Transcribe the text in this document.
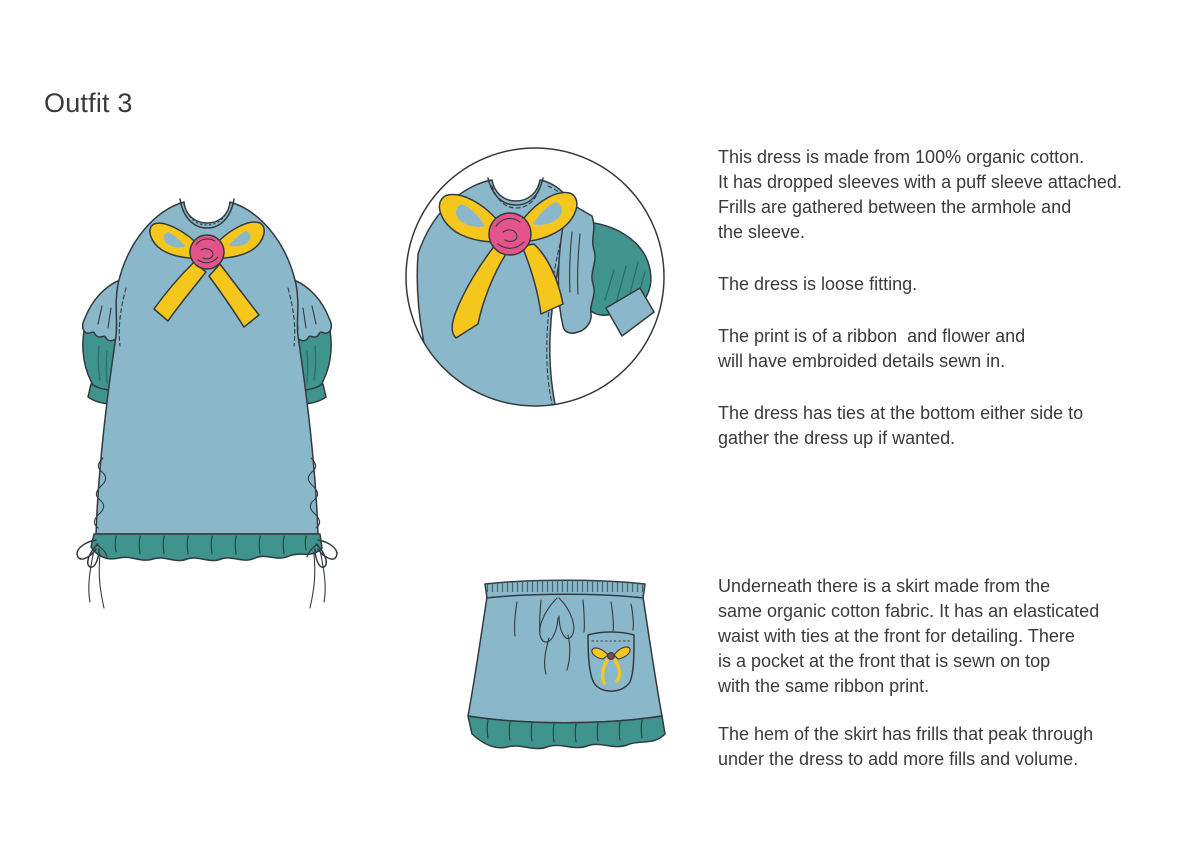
Outfit 3

This dress is made from 100% organic cotton.
It has dropped sleeves with a puff sleeve attached.
Frills are gathered between the armhole and
the sleeve.

The dress is loose fitting.

The print is of a ribbon  and flower and
will have embroided details sewn in.

The dress has ties at the bottom either side to
gather the dress up if wanted.

Underneath there is a skirt made from the
same organic cotton fabric. It has an elasticated
waist with ties at the front for detailing. There
is a pocket at the front that is sewn on top
with the same ribbon print.

The hem of the skirt has frills that peak through
under the dress to add more fills and volume.
